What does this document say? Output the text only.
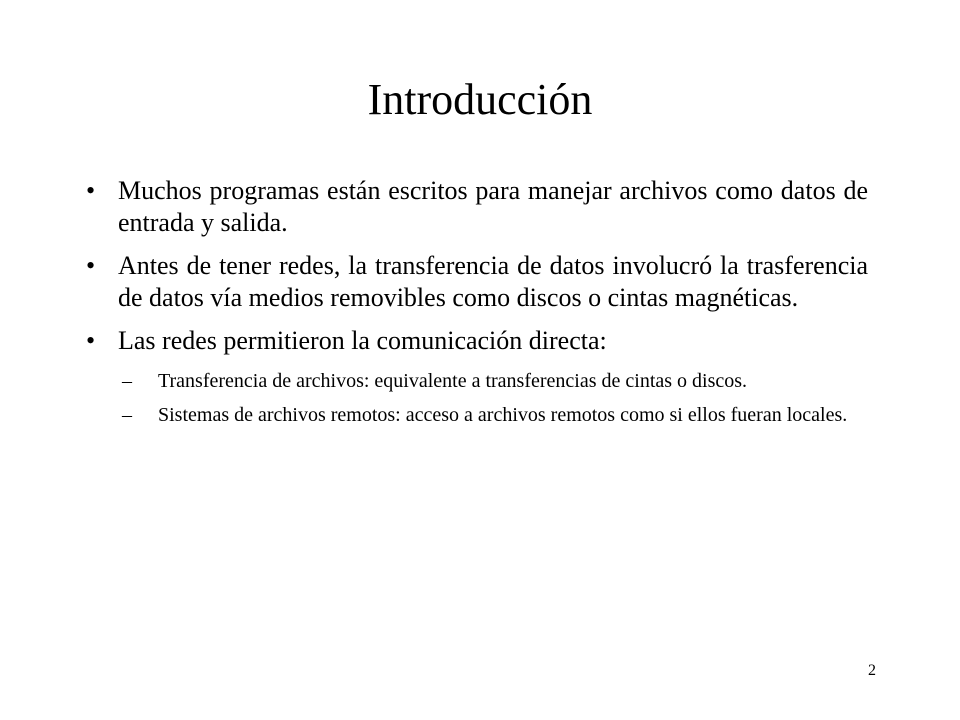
Introducción
• Muchos programas están escritos para manejar archivos como datos de entrada y salida.
• Antes de tener redes, la transferencia de datos involucró la trasferencia de datos vía medios removibles como discos o cintas magnéticas.
• Las redes permitieron la comunicación directa:
– Transferencia de archivos: equivalente a transferencias de cintas o discos.
– Sistemas de archivos remotos: acceso a archivos remotos como si ellos fueran locales.
2
